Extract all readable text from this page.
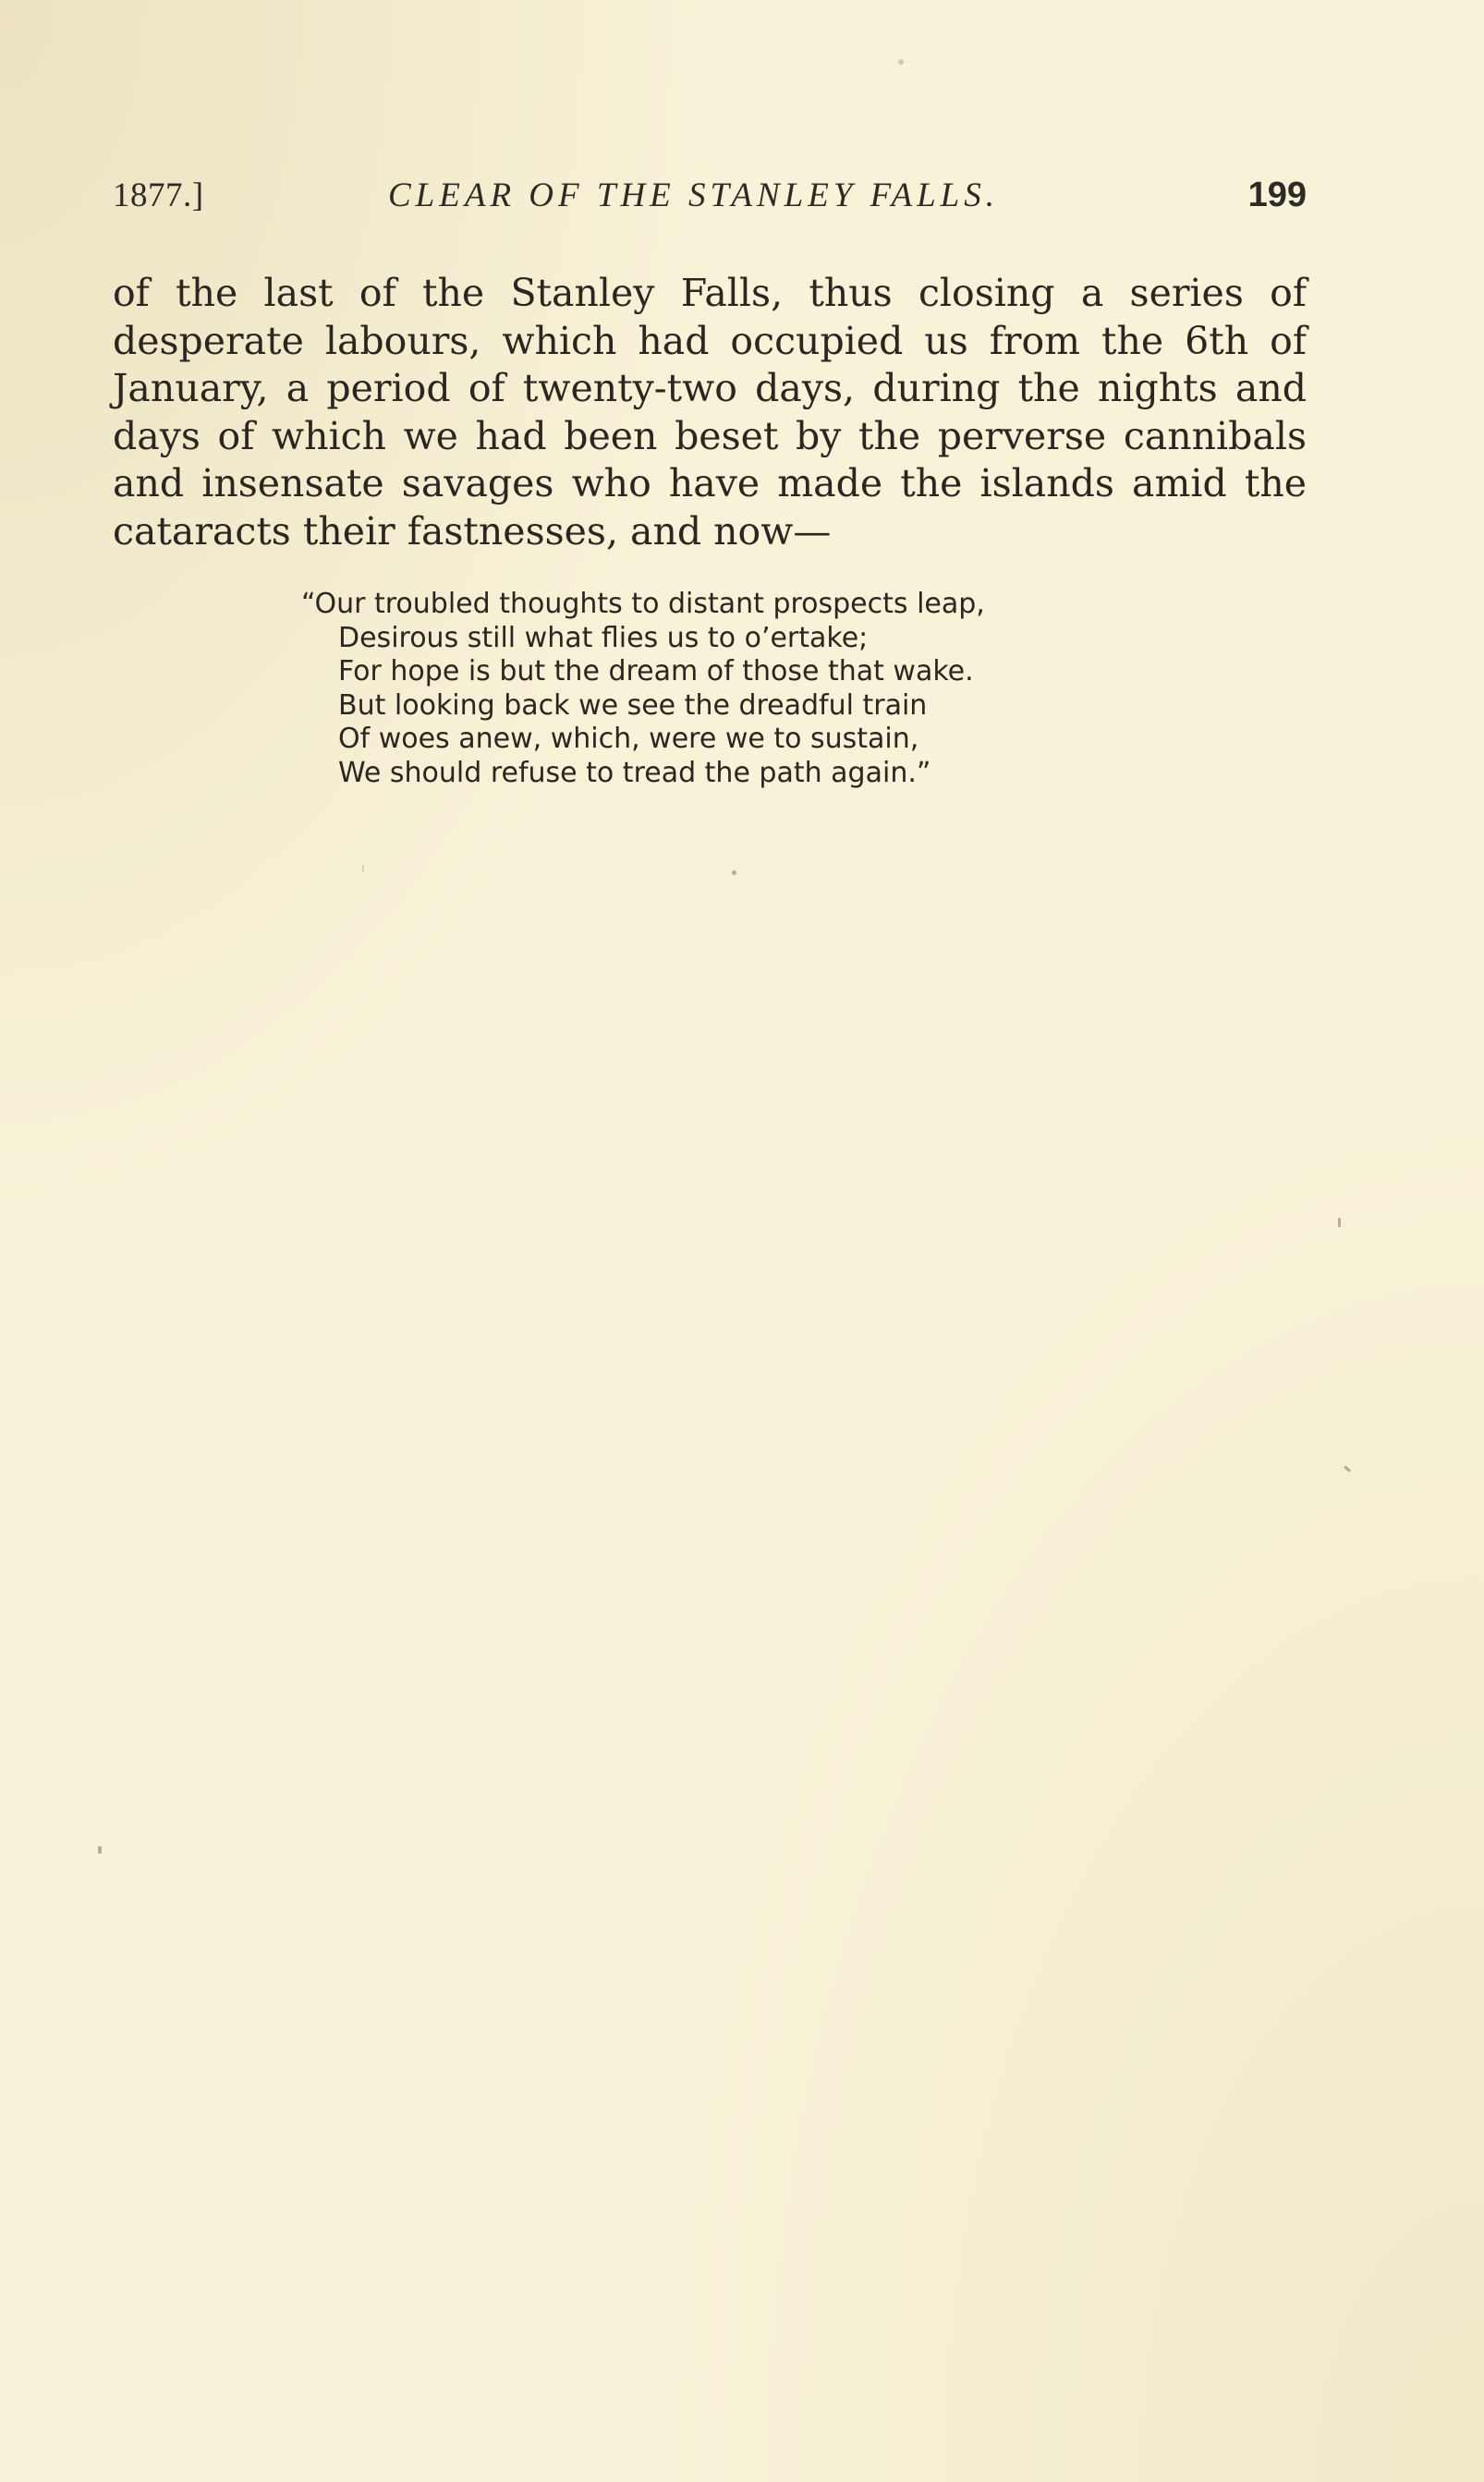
1877.]	CLEAR OF THE STANLEY FALLS.	199
of the last of the Stanley Falls, thus closing a series of
desperate labours, which had occupied us from the 6th of
January, a period of twenty-two days, during the nights and
days of which we had been beset by the perverse cannibals
and insensate savages who have made the islands amid the
cataracts their fastnesses, and now—
“Our troubled thoughts to distant prospects leap,
Desirous still what flies us to o’ertake;
For hope is but the dream of those that wake.
But looking back we see the dreadful train
Of woes anew, which, were we to sustain,
We should refuse to tread the path again.”
